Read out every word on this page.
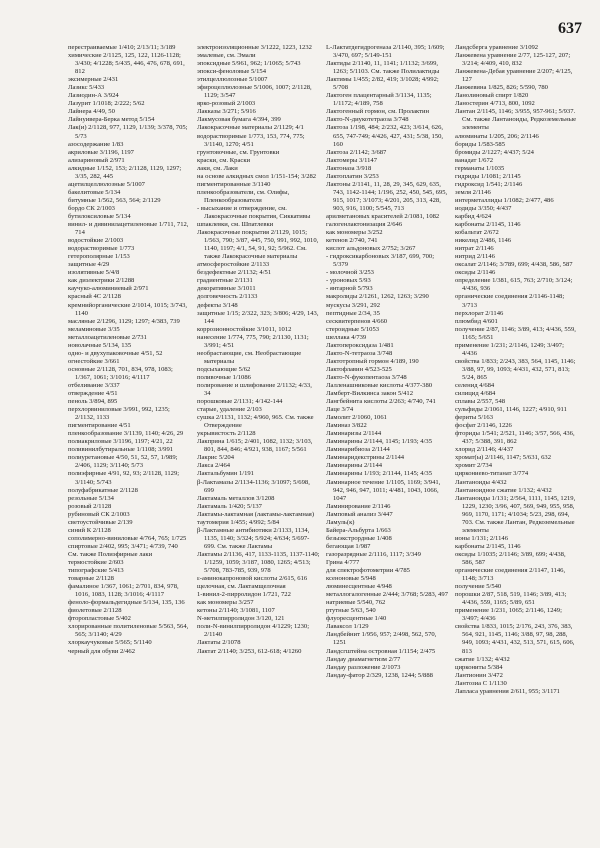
637

перестраиваемые 1/410; 2/13/11; 3/189

химические 2/1125, 125, 122, 1126-1128; 3/430; 4/1228; 5/435, 446, 476, 678, 691, 812

эксимерные 2/431

Лазикс 5/433

Лазиодин-А 3/924

Лазурит 1/1018; 2/222; 5/62

Лайнера 4/49, 50

Лайнуивера-Берка метод 5/154

Лак(и) 2/1128, 977, 1129, 1/139; 3/378, 705; 5/73

азосодержание 1/83

акриловые 3/1196, 1197

ализариновый 2/971

алкидные 1/152, 153; 2/1128, 1129, 1297; 3/35, 282, 445

ацетилцеллюлозные 5/1007

бакелитовые 5/134

битумные 1/562, 563, 564; 2/1129

бордо СК 2/1003

бутилоксиловые 5/134

винил- и дивинилацетиленовые 1/711, 712, 714

водостойкие 2/1003

водорастворимые 1/773

гетерополярные 1/153

защитные 4/29

изолятивные 5/4/8

как диэлектрики 2/1288

каучуко-алюминиевый 2/971

красный 4С 2/1128

кремнийорганические 2/1014, 1015; 3/743, 1140

масляные 2/1296, 1129; 1297; 4/383, 739

меламиновые 3/35

металлоацетиленовые 2/731

новолачные 5/134, 135

одно- и двухупаковочные 4/51, 52

огнестойкие 3/661

основные 2/1128, 701, 834, 978, 1083; 1/367, 1061; 3/1016; 4/1117

отбеливание 3/337

отверждение 4/51

пеноль 3/894, 895

перхлорвиниловые 3/991, 992, 1235; 2/1132, 1133

пигментирование 4/51

пленкообразование 3/1139, 1140; 4/26, 29

полиакриловые 3/1196, 1197; 4/21, 22

поливинилбутиральные 1/1108; 3/991

полиуретановые 4/50, 51, 52, 57, 1/989; 2/406, 1129; 3/1140; 5/73

полиэфирные 4/91, 92, 93; 2/1128, 1129; 3/1140; 5/743

полуфабрикатные 2/1128

резольные 5/134

розовый 2/1128

рубиновый СК 2/1003

светоустойчивые 2/139

синий К 2/1128

сополимерно-виниловые 4/764, 765; 1/725

спиртовые 2/402, 995; 3/471; 4/739, 740

См. также Полиэфирные лаки

термостойкие 2/603

типографские 5/413

товарные 2/1128

фамалиное 1/367, 1061; 2/701, 834, 978, 1016, 1083, 1128; 3/1016; 4/1117

феноло-формальдегидные 5/134, 135, 136

фиолетовые 2/1128

фторопластовые 5/402

хлорированные политиленовые 5/563, 564, 565; 3/1140; 4/29

хлоркаучуковые 5/565; 5/1140

черный для обуви 2/462

электроизоляционные 3/1222, 1223, 1232

эмалевые, см. Эмали

эпоксидные 5/961, 962; 1/1065; 5/743

эпокси-феноловые 5/154

этилцеллюлозные 5/1007

эфироцеллюлозные 5/1006, 1007; 2/1128, 1129; 3/547

ярко-розовый 2/1003

Лакказы 3/271; 5/916

Лакмусовая бумага 4/394, 399

Лакокрасочные материалы 2/1129; 4/1

водорастворимые 1/773, 153, 774, 775; 3/1140, 1270; 4/51

грунтовочные, см. Грунтовки

краски, см. Краски

лаки, см. Лаки

на основе алкидных смол 1/151-154; 3/282

пигментированные 3/1140

пленкообразователи, см. Олифы, Пленкообразователи

- высыхание и отверждение, см. Лакокрасочные покрытия, Сиккативы

шпаклевки, см. Шпатлевки

Лакокрасочные покрытия 2/1129, 1015; 1/563, 790; 3/87, 445, 750, 991, 992, 1010, 1140, 1197; 4/1, 54, 91, 92; 5/962. См. также Лакокрасочные материалы

атмосферостойкие 2/1133

бездефектные 2/1132; 4/51

градиентные 2/1131

декоративные 3/1011

долговечность 2/1133

дефекты 3/148

защитные 1/15; 2/322, 323; 3/806; 4/29, 143, 144

коррозионностойкие 3/1011, 1012

нанесение 1/774, 775, 790; 2/1130, 1131; 3/991; 4/51

необрастающие, см. Необрастающие материалы

подсыхающие 5/62

поливочные 1/1086

полирование и шлифование 2/1132; 4/33, 34

порошковые 2/1131; 4/142-144

старые, удаление 2/103

сушка 2/1131, 1132; 4/960, 965. См. также Отверждение

укрывистость 2/1128

Лакприна 1/615; 2/401, 1082, 1132; 3/103, 801, 844, 846; 4/921, 938, 1167; 5/561

Лакрис 5/204

Лакса 2/464

Лактальбумин 1/191

β-Лактамазы 2/1134-1136; 3/1097; 5/698, 699

Лактамаль металлов 3/1208

Лактамаль 1/420; 5/137

Лактамы-лактамная (лактамы-лактамная)

таутомерия 1/455; 4/992; 5/84

β-Лактамные антибиотики 2/1133, 1134, 1135, 1140; 3/324; 5/924; 4/634; 5/697-699. См. также Лактамы

Лактамы 2/1136, 417, 1133-1135, 1137-1140; 1/1259, 1059; 3/187, 1080, 1265; 4/513; 5/708, 783-785, 939, 978

ε-аминокапроновой кислоты 2/615, 616

щелочная, см. Лактамщелочная

1-винил-2-пирролидон 1/721, 722

как мономеры 3/257

кетоны 2/1140; 3/1081, 1107

N-метилпирролидон 3/120, 121

поли-N-винилпирролидон 4/1229; 1230; 2/1140

Лактаты 2/1078

Лактат 2/1140; 3/253, 612-618; 4/1260

L-Лактатдегидрогеназа 2/1140, 395; 1/609; 3/470, 697; 5/149-151

Лактиды 2/1140, 11, 1141; 1/1132; 3/699, 1263; 5/1103. См. также Полилактиды

Лактимы 1/455; 2/82, 419; 3/1028; 4/992; 5/708

Лактоген плацентарный 3/1134, 1135; 1/1172; 4/189, 758

Лактогенный гормон, см. Пролактин

Лакто-N-диукотетраоза 3/748

Лактоза 1/198, 484; 2/232, 423; 3/614, 626, 655, 747-749; 4/426, 427, 431; 5/38, 150, 160

Лактоза 2/1142; 3/687

Лактомеры 3/1147

Лактоназа 3/918

Лактоплатин 3/253

Лактоны 2/1141, 11, 28, 29, 345, 629, 635, 743, 1142-1144; 1/196, 252, 450, 545, 695, 915, 1017; 3/1073; 4/201, 205, 313, 428, 903, 916, 1100; 5/545, 713

арилметановых красителей 2/1081, 1082

галогенлактонизация 2/646

как мономеры 3/252

кетенов 2/740, 741

кислот альдоновых 2/752; 3/267

- гидроксикарбоновых 3/187, 699, 700; 5/379

- молочной 3/253

- уроновых 5/93

- янтарной 5/793

макролиды 2/1261, 1262, 1263; 3/290

мускусы 3/291, 292

пептидные 2/34, 35

сесквитерпенов 4/660

стероидные 5/1053

шеллака 4/739

Лактопероксидаза 1/481

Лакто-N-тетраоза 3/748

Лактотропный гормон 4/189, 190

Лактофлавин 4/523-525

Лакто-N-фукопентаоза 3/748

Лалленашниковые кислоты 4/377-380

Ламберт-Вилкинса закон 5/412

Лангбейнита кислоты 2/263; 4/740, 741

Лаце 3/74

Ламолит 2/1060, 1061

Ламиназ 3/822

Ламинаризы 2/1144

Ламинарины 2/1144, 1145; 1/193; 4/35

Ламинарибиоза 2/1144

Ламинаридекстрины 2/1144

Ламинарины 2/1144

Ламинарины 1/193; 2/1144, 1145; 4/35

Ламинарное течение 1/1105, 1169; 3/941, 942, 946, 947, 1011; 4/481, 1043, 1066, 1047

Ламинирование 2/1146

Ламповый анализ 3/447

Ламуль(к)

Байера-Альбурта 1/663

безыэкстрордные 1/408

бегающая 1/987

газоразрядные 2/1116, 1117; 3/349

Грина 4/777

для спектрофотометрии 4/785

ксеноновые 5/948

люминесцентные 4/948

металлогалогенные 2/444; 3/768; 5/283, 497

натриевые 5/540, 762

ртутные 5/63, 540

флуоресцентные 1/40

Лаваксол 1/129

Ландбейнит 1/956, 957; 2/498, 562, 570, 1251

Ландсгштейна островная 1/1154; 2/475

Ландау диамагнетизм 2/77

Ландау разложение 2/1073

Ландау-фатор 2/329, 1238, 1244; 5/888

Ландсберга уравнение 3/1092

Ланжевена уравнение 2/77, 125-127, 207; 3/214; 4/409, 410, 832

Ланжевена-Дебая уравнение 2/207; 4/125, 127

Ланжевина 1/825, 826; 5/590, 780

Ланолиновый спирт 1/820

Ланостерин 4/713, 800, 1092

Лантан 2/1145, 1146; 3/955, 957-961; 5/937. См. также Лантаноиды, Редкоземельные элементы

алюминаты 1/205, 206; 2/1146

бориды 1/583-585

бромиды 2/1227; 4/437; 5/24

ванадат 1/672

германаты 1/1035

гидриды 1/1081; 2/1145

гидроксид 1/541; 2/1146

земля 2/1146

интерметаллиды 1/1082; 2/477, 486

иодиды 3/350; 4/437

карбид 4/624

карбонаты 2/1145, 1146

кобальтат 2/672

никелид 2/486, 1146

нитрат 2/1146

нитрид 2/1146

оксалат 2/1146; 3/789, 699; 4/438, 586, 587

оксиды 2/1146

определение 1/381, 615, 763; 2/710; 3/124; 4/436, 936

органические соединения 2/1146-1148; 3/713

перхлорат 2/1146

плюмбид 4/601

получение 2/87, 1146; 3/89, 413; 4/436, 559, 1165; 5/651

применение 1/231; 2/1146, 1249; 3/497; 4/436

свойства 1/833; 2/243, 383, 564, 1145, 1146; 3/88, 97, 99, 1093; 4/431, 432, 571, 813; 5/24, 865

селенид 4/684

силицид 4/684

сплавы 2/557, 548

сульфиды 2/1061, 1146, 1227; 4/910, 911

фериты 5/163

фосфат 2/1146, 1226

фториды 1/541; 2/521, 1146; 3/57, 566, 436, 437; 5/388, 391, 862

хлорид 2/1146; 4/437

хромат(ы) 2/1146, 1147; 5/631, 632

хромит 2/734

циркониево-титанат 3/774

Лантаноиды 4/432

Лантаноидное сжатие 1/132; 4/432

Лантаноиды 1/131; 2/564, 1111, 1145, 1219, 1229, 1230; 3/96, 407, 569, 949, 955, 958, 969, 1170, 1171; 4/1034; 5/23, 298, 694, 703. См. также Лантан, Редкоземельные элементы

ионы 1/131; 2/1146

карбонаты 2/1145, 1146

оксиды 1/1035; 2/1146; 3/89, 699; 4/438, 586, 587

органические соединения 2/1147, 1146, 1148; 3/713

получение 5/540

порошки 2/87, 518, 519, 1146; 3/89, 413; 4/436, 559, 1165; 5/89, 651

применение 1/231, 1065; 2/1146, 1249; 3/497; 4/436

свойства 1/833, 1015; 2/176, 243, 376, 383, 564, 921, 1145, 1146; 3/88, 97, 98, 288, 949, 1093; 4/431, 432, 513, 571, 615, 606, 813

сжатие 1/132; 4/432

циркониты 5/384

Лантионин 3/472

Лантозиа С 1/1130

Лапласа уравнения 2/611, 955; 3/1171
